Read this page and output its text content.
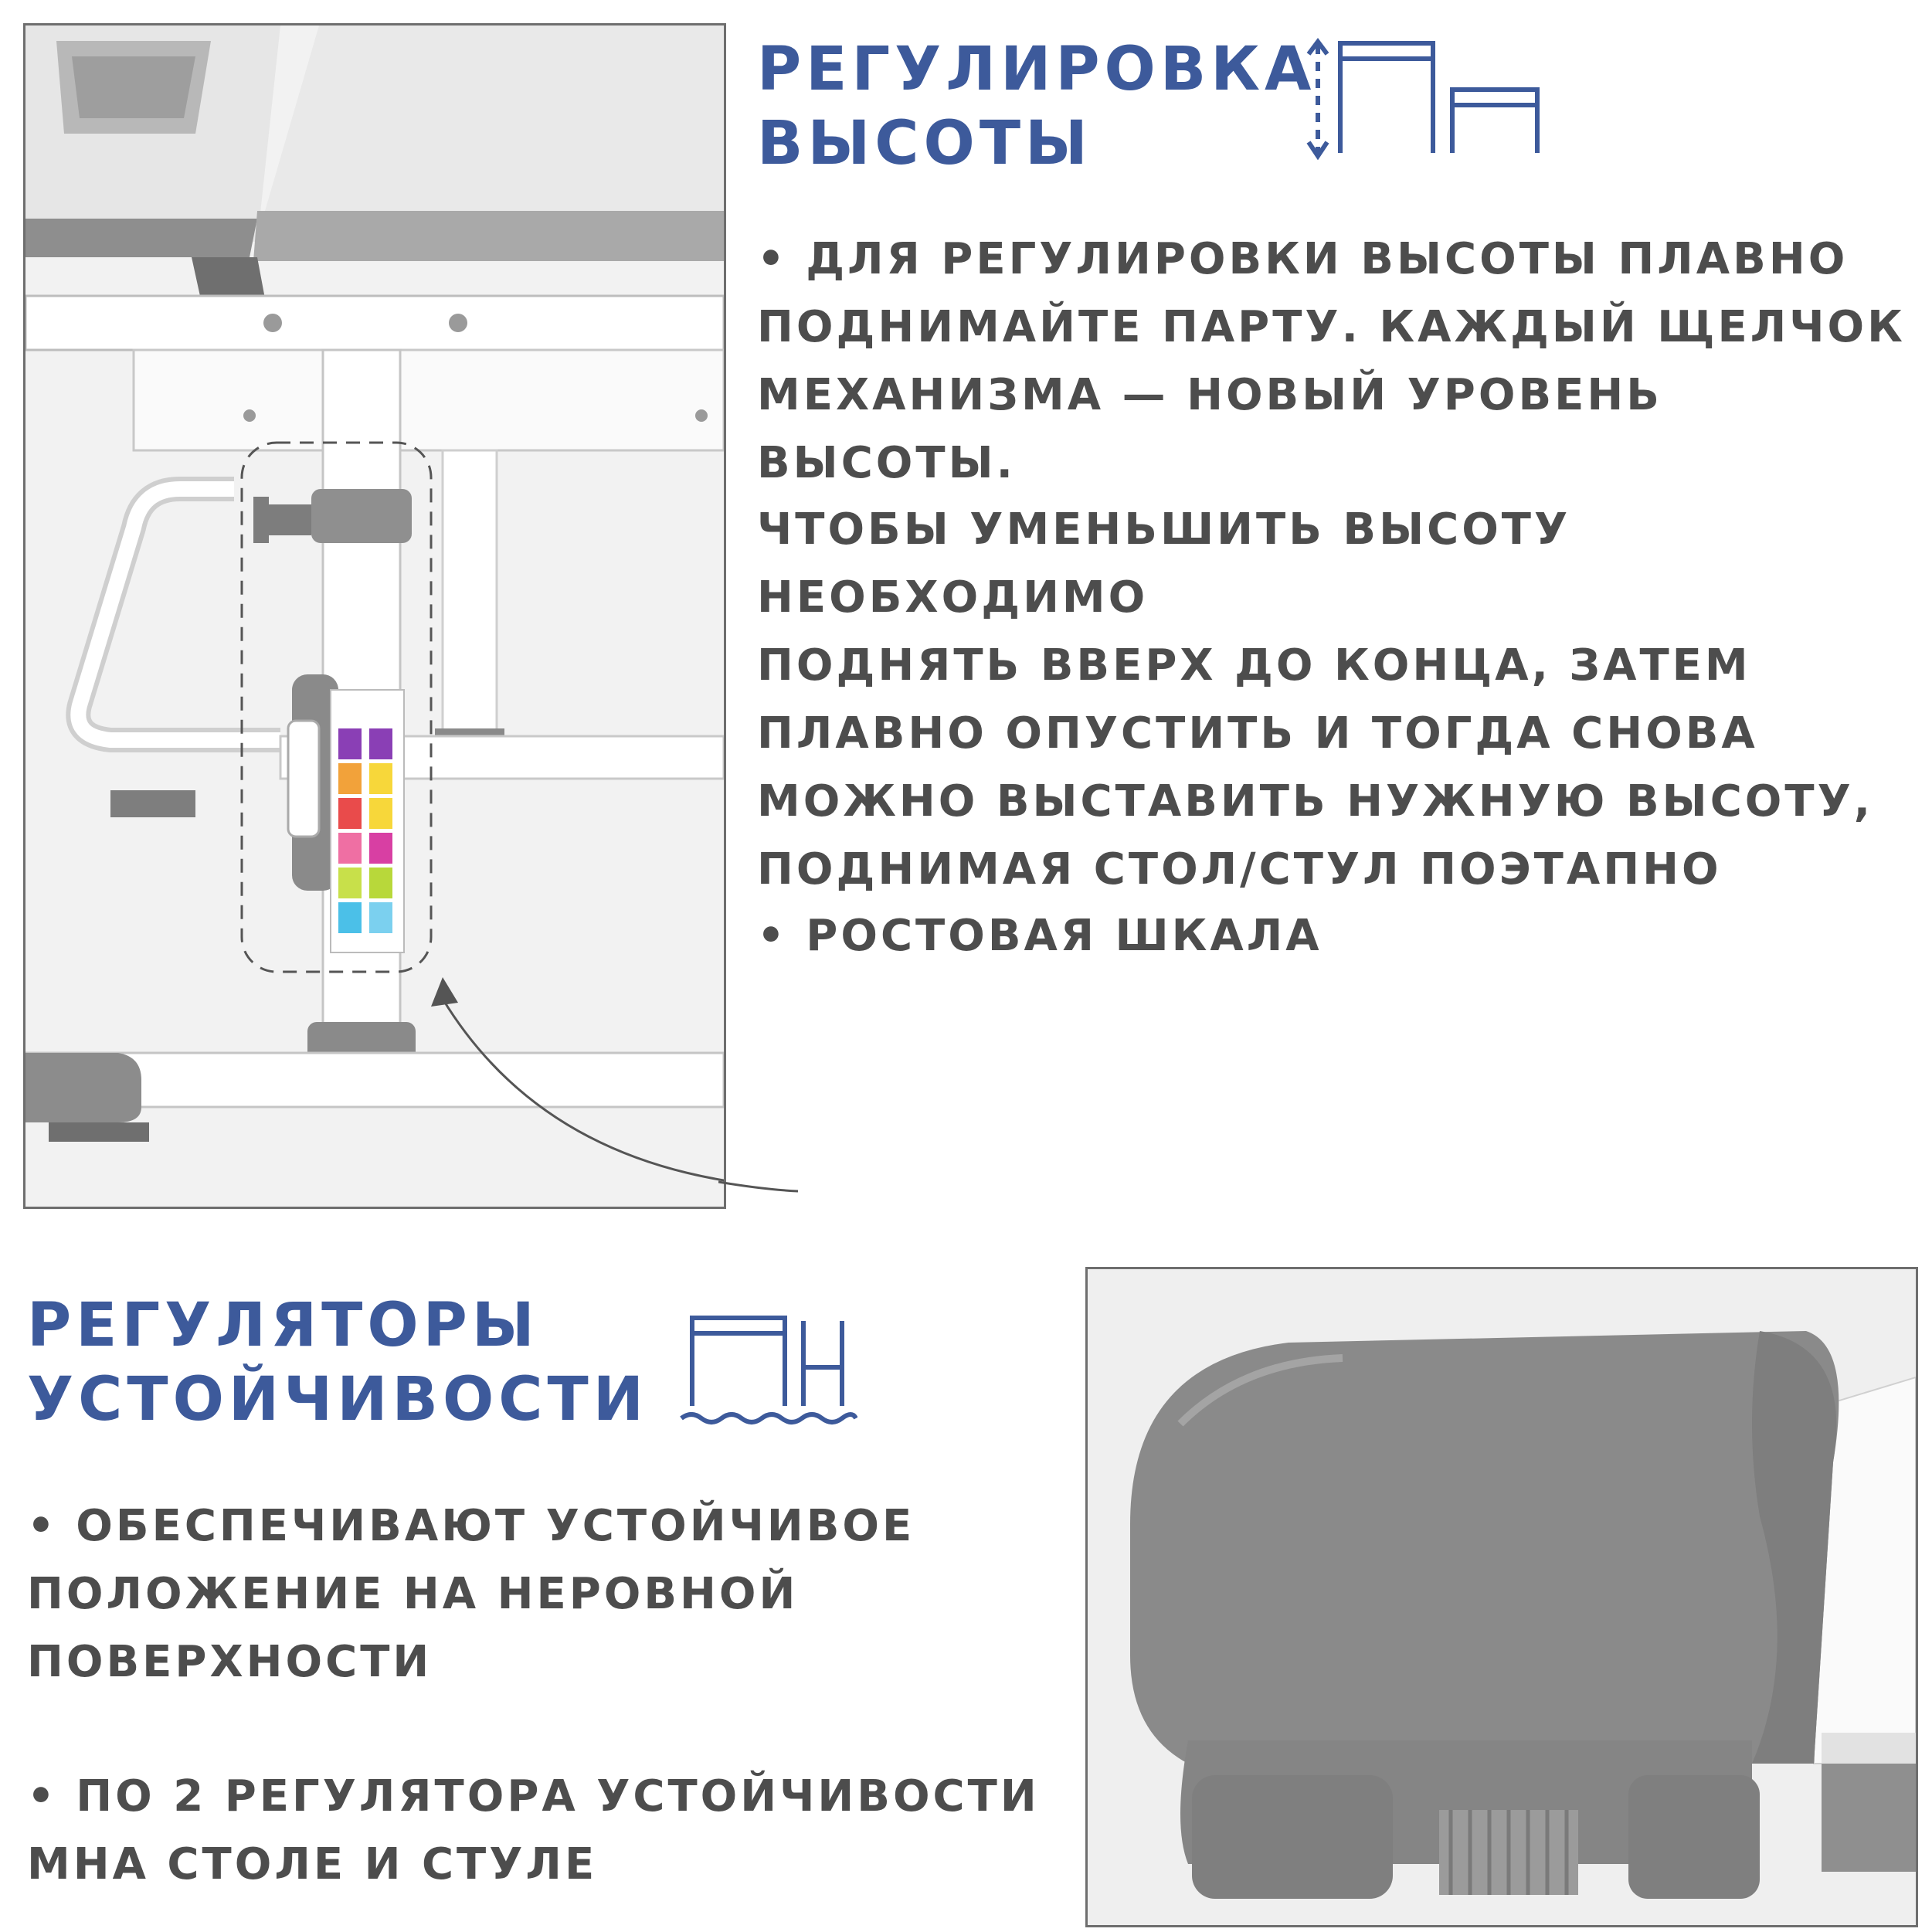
РЕГУЛИРОВКА
ВЫСОТЫ
• ДЛЯ РЕГУЛИРОВКИ ВЫСОТЫ ПЛАВНО
ПОДНИМАЙТЕ ПАРТУ. КАЖДЫЙ ЩЕЛЧОК
МЕХАНИЗМА — НОВЫЙ УРОВЕНЬ ВЫСОТЫ.
ЧТОБЫ УМЕНЬШИТЬ ВЫСОТУ НЕОБХОДИМО
ПОДНЯТЬ ВВЕРХ ДО КОНЦА, ЗАТЕМ
ПЛАВНО ОПУСТИТЬ И ТОГДА СНОВА
МОЖНО ВЫСТАВИТЬ НУЖНУЮ ВЫСОТУ,
ПОДНИМАЯ СТОЛ/СТУЛ ПОЭТАПНО
• РОСТОВАЯ ШКАЛА
РЕГУЛЯТОРЫ
УСТОЙЧИВОСТИ
• ОБЕСПЕЧИВАЮТ УСТОЙЧИВОЕ
ПОЛОЖЕНИЕ НА НЕРОВНОЙ
ПОВЕРХНОСТИ
• ПО 2 РЕГУЛЯТОРА УСТОЙЧИВОСТИ
МНА СТОЛЕ И СТУЛЕ
